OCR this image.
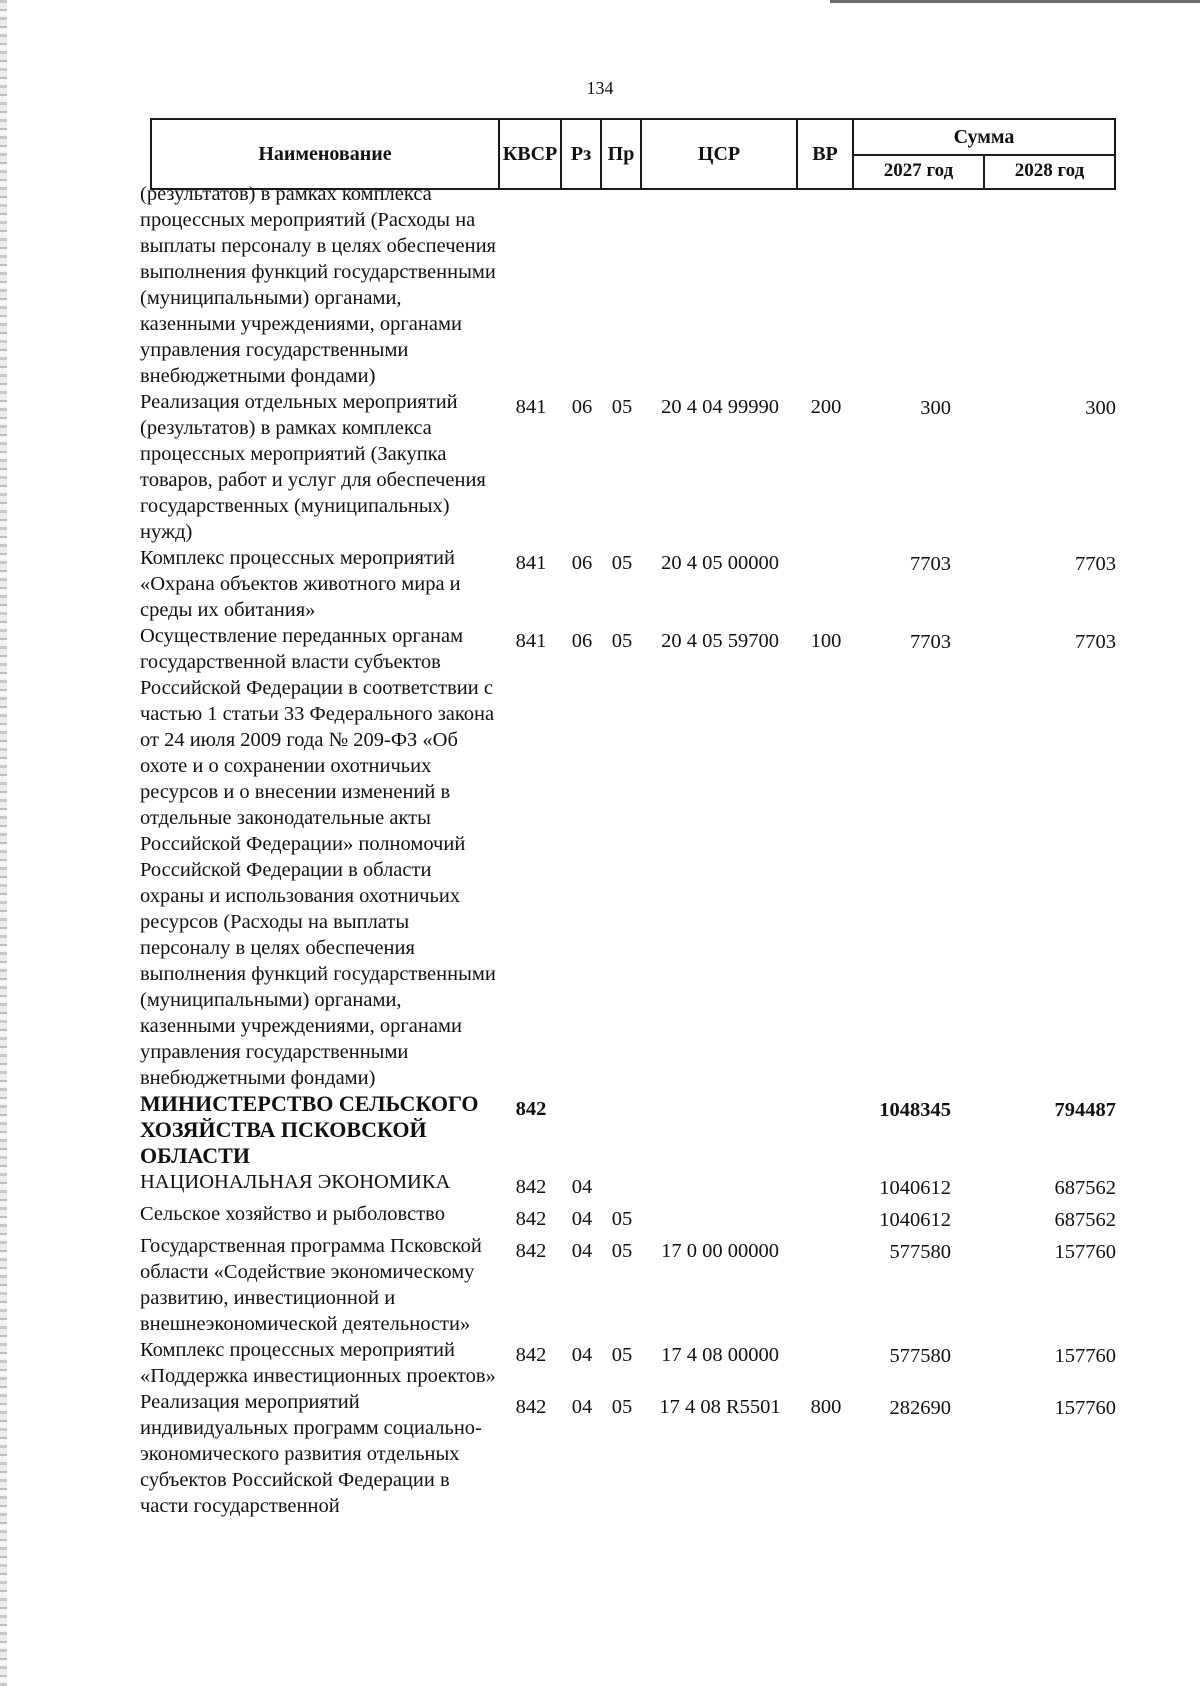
134
Наименование	КВСР	Рз	Пр	ЦСР	ВР	Сумма	
						2027 год	2028 год
(результатов) в рамках комплекса процессных мероприятий (Расходы на выплаты персоналу в целях обеспечения выполнения функций государственными (муниципальными) органами, казенными учреждениями, органами управления государственными внебюджетными фондами)							
Реализация отдельных мероприятий (результатов) в рамках комплекса процессных мероприятий (Закупка товаров, работ и услуг для обеспечения государственных (муниципальных) нужд)	841	06	05	20 4 04 99990	200	300	300
Комплекс процессных мероприятий «Охрана объектов животного мира и среды их обитания»	841	06	05	20 4 05 00000		7703	7703
Осуществление переданных органам государственной власти субъектов Российской Федерации в соответствии с частью 1 статьи 33 Федерального закона от 24 июля 2009 года № 209-ФЗ «Об охоте и о сохранении охотничьих ресурсов и о внесении изменений в отдельные законодательные акты Российской Федерации» полномочий Российской Федерации в области охраны и использования охотничьих ресурсов (Расходы на выплаты персоналу в целях обеспечения выполнения функций государственными (муниципальными) органами, казенными учреждениями, органами управления государственными внебюджетными фондами)	841	06	05	20 4 05 59700	100	7703	7703
МИНИСТЕРСТВО СЕЛЬСКОГО ХОЗЯЙСТВА ПСКОВСКОЙ ОБЛАСТИ	842					1048345	794487
НАЦИОНАЛЬНАЯ ЭКОНОМИКА	842	04				1040612	687562
Сельское хозяйство и рыболовство	842	04	05			1040612	687562
Государственная программа Псковской области «Содействие экономическому развитию, инвестиционной и внешнеэкономической деятельности»	842	04	05	17 0 00 00000		577580	157760
Комплекс процессных мероприятий «Поддержка инвестиционных проектов»	842	04	05	17 4 08 00000		577580	157760
Реализация мероприятий индивидуальных программ социально-экономического развития отдельных субъектов Российской Федерации в части государственной	842	04	05	17 4 08 R5501	800	282690	157760
